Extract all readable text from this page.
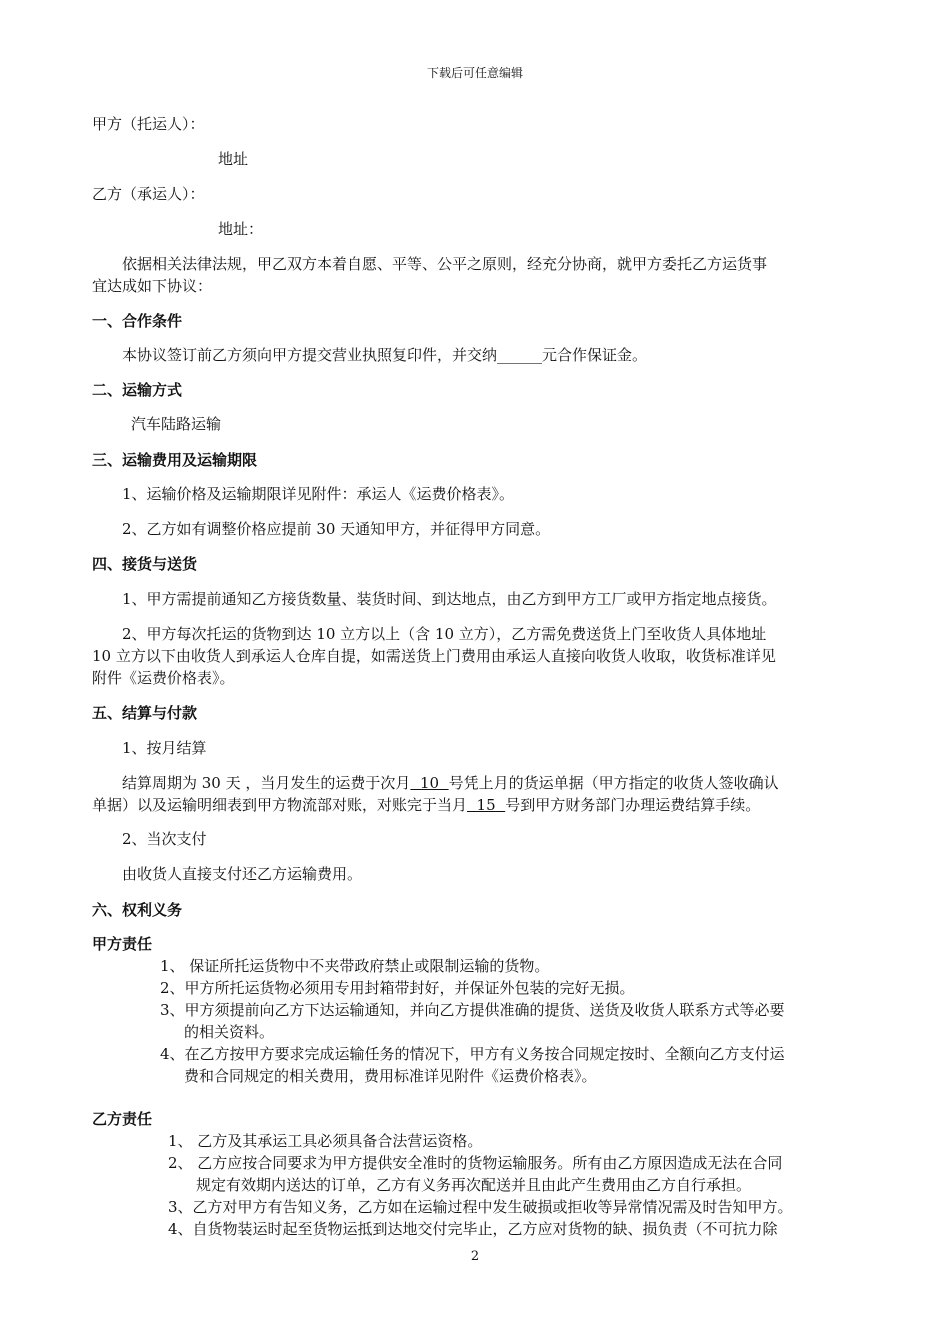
下载后可任意编辑
甲方（托运人）：
地址
乙方（承运人）：
地址：
依据相关法律法规，甲乙双方本着自愿、平等、公平之原则，经充分协商，就甲方委托乙方运货事
宜达成如下协议：
一、合作条件
本协议签订前乙方须向甲方提交营业执照复印件，并交纳______元合作保证金。
二、运输方式
汽车陆路运输
三、运输费用及运输期限
1、运输价格及运输期限详见附件：承运人《运费价格表》。
2、乙方如有调整价格应提前 30 天通知甲方，并征得甲方同意。
四、接货与送货
1、甲方需提前通知乙方接货数量、装货时间、到达地点，由乙方到甲方工厂或甲方指定地点接货。
2、甲方每次托运的货物到达 10 立方以上（含 10 立方），乙方需免费送货上门至收货人具体地址
10 立方以下由收货人到承运人仓库自提，如需送货上门费用由承运人直接向收货人收取，收货标准详见
附件《运费价格表》。
五、结算与付款
1、按月结算
结算周期为 30 天 ，当月发生的运费于次月  10  号凭上月的货运单据（甲方指定的收货人签收确认
单据）以及运输明细表到甲方物流部对账，对账完于当月  15  号到甲方财务部门办理运费结算手续。
2、当次支付
由收货人直接支付还乙方运输费用。
六、权利义务
甲方责任
1、 保证所托运货物中不夹带政府禁止或限制运输的货物。
2、甲方所托运货物必须用专用封箱带封好，并保证外包装的完好无损。
3、甲方须提前向乙方下达运输通知，并向乙方提供准确的提货、送货及收货人联系方式等必要
的相关资料。
4、在乙方按甲方要求完成运输任务的情况下，甲方有义务按合同规定按时、全额向乙方支付运
费和合同规定的相关费用，费用标准详见附件《运费价格表》。
乙方责任
1、 乙方及其承运工具必须具备合法营运资格。
2、 乙方应按合同要求为甲方提供安全准时的货物运输服务。所有由乙方原因造成无法在合同
规定有效期内送达的订单，乙方有义务再次配送并且由此产生费用由乙方自行承担。
3、乙方对甲方有告知义务，乙方如在运输过程中发生破损或拒收等异常情况需及时告知甲方。
4、自货物装运时起至货物运抵到达地交付完毕止，乙方应对货物的缺、损负责（不可抗力除
2
